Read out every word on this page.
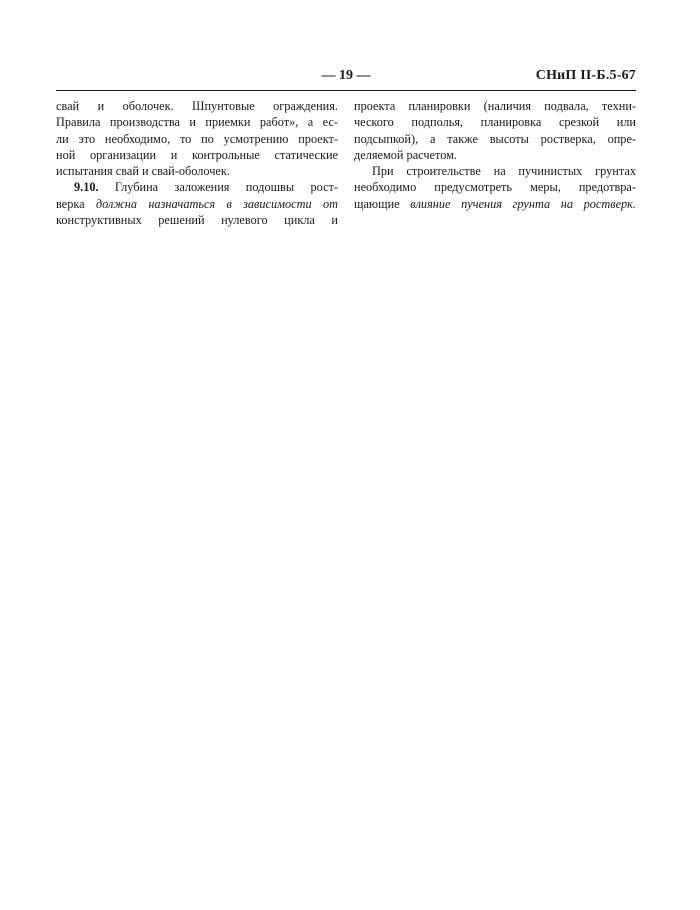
— 19 —	СНиП II-Б.5-67
свай и оболочек. Шпунтовые ограждения.
Правила производства и приемки работ», а ес-
ли это необходимо, то по усмотрению проект-
ной организации и контрольные статические
испытания свай и свай-оболочек.
9.10. Глубина заложения подошвы рост-
верка должна назначаться в зависимости от
конструктивных решений нулевого цикла и
проекта планировки (наличия подвала, техни-
ческого подполья, планировка срезкой или
подсыпкой), а также высоты ростверка, опре-
деляемой расчетом.
При строительстве на пучинистых грунтах
необходимо предусмотреть меры, предотвра-
щающие влияние пучения грунта на ростверк.
